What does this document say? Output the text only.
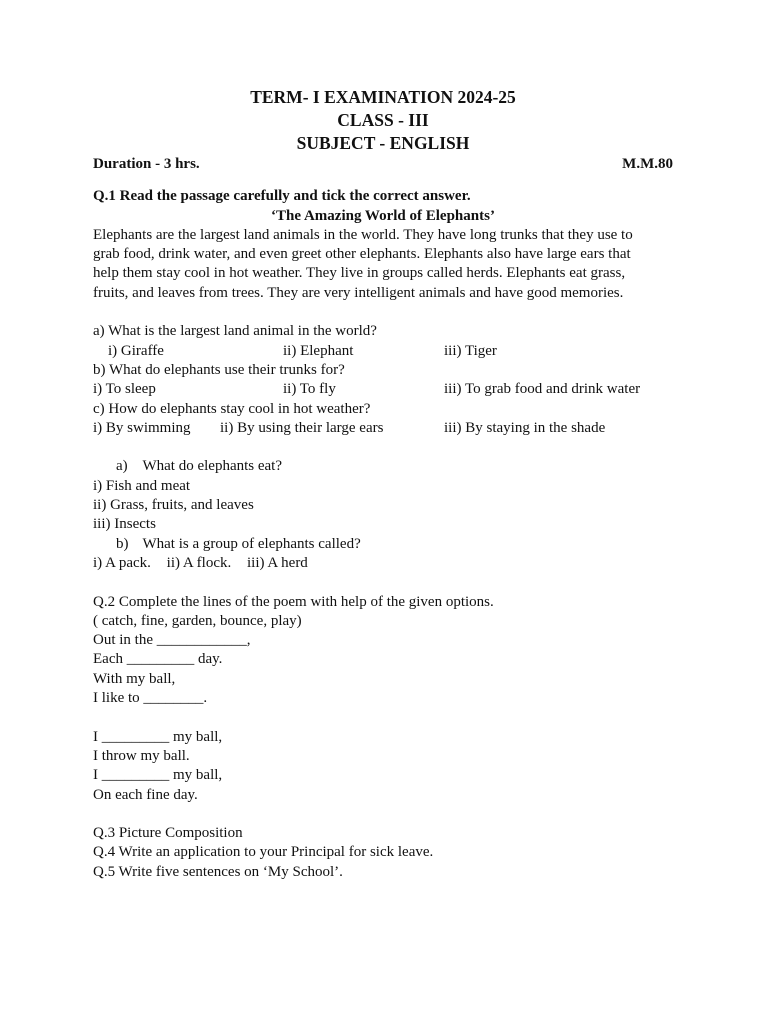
TERM- I EXAMINATION 2024-25
CLASS - III
SUBJECT - ENGLISH
Duration - 3 hrs.	M.M.80
Q.1 Read the passage carefully and tick the correct answer.
‘The Amazing World of Elephants’
Elephants are the largest land animals in the world. They have long trunks that they use to
grab food, drink water, and even greet other elephants. Elephants also have large ears that
help them stay cool in hot weather. They live in groups called herds. Elephants eat grass,
fruits, and leaves from trees. They are very intelligent animals and have good memories.
a) What is the largest land animal in the world?
i) Giraffe	ii) Elephant	iii) Tiger
b) What do elephants use their trunks for?
i) To sleep	ii) To fly	iii) To grab food and drink water
c) How do elephants stay cool in hot weather?
i) By swimming	ii) By using their large ears	iii) By staying in the shade
a) What do elephants eat?
i) Fish and meat
ii) Grass, fruits, and leaves
iii) Insects
b) What is a group of elephants called?
i) A pack. ii) A flock. iii) A herd
Q.2 Complete the lines of the poem with help of the given options.
( catch, fine, garden, bounce, play)
Out in the ____________,
Each _________ day.
With my ball,
I like to ________.
I _________ my ball,
I throw my ball.
I _________ my ball,
On each fine day.
Q.3 Picture Composition
Q.4 Write an application to your Principal for sick leave.
Q.5 Write five sentences on ‘My School’.
